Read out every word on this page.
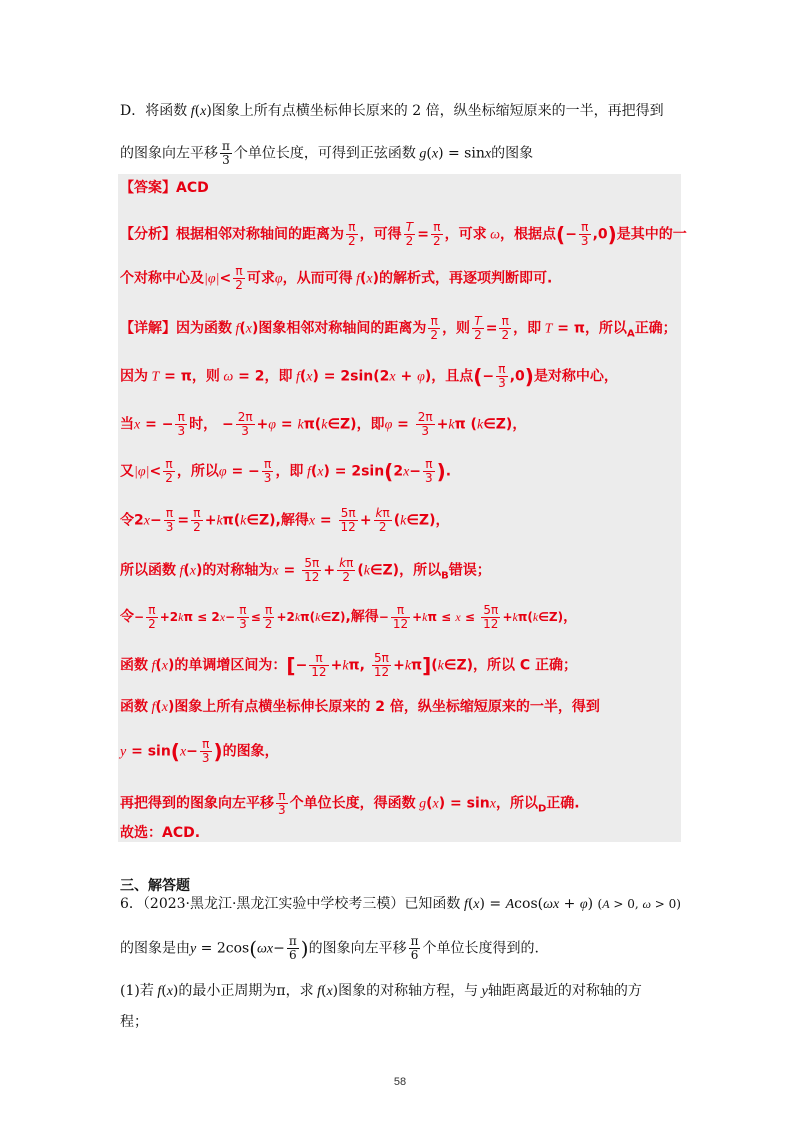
D．将函数 f(x)图象上所有点横坐标伸长原来的 2 倍，纵坐标缩短原来的一半，再把得到
的图象向左平移 $\frac{\pi}{3}$ 个单位长度，可得到正弦函数 g(x) = sinx的图象
【答案】ACD
【分析】根据相邻对称轴间的距离为 $\frac{\pi}{2}$ ，可得 $\frac{T}{2} = \frac{\pi}{2}$ ，可求 ω，根据点(− $\frac{\pi}{3} ,0$)是其中的一
个对称中心及$|\varphi|< \frac{\pi}{2}$ 可求φ，从而可得 f(x)的解析式，再逐项判断即可.
【详解】因为函数 f(x)图象相邻对称轴间的距离为 $\frac{\pi}{2}$ ，则 $\frac{T}{2} = \frac{\pi}{2}$ ，即 T = π，所以$_A$正确；
因为 T = π，则 ω = 2，即 f(x) = 2sin(2x + φ)，且点(− $\frac{\pi}{3} ,0$)是对称中心，
当x = − $\frac{\pi}{3}$ 时， − $\frac{2\pi}{3} +\varphi$ = kπ(k∈Z)，即$\varphi = \frac{2\pi}{3} +k\pi$ (k∈Z)，
又$|\varphi|< \frac{\pi}{2}$ ，所以φ = − $\frac{\pi}{3}$ ，即 $f(x) = 2\sin(2x- \frac{\pi}{3}$ ).
令$2x- \frac{\pi}{3} = \frac{\pi}{2}$ +kπ(k∈Z),解得$x = \frac{5\pi}{12} + \frac{k\pi}{2}$ (k∈Z)，
所以函数 f(x)的对称轴为$x = \frac{5\pi}{12} + \frac{k\pi}{2}$ (k∈Z)，所以$_B$错误；
令− $\frac{\pi}{2} +2k\pi \le 2x- \frac{\pi}{3} \le \frac{\pi}{2}$ +2kπ(k∈Z),解得− $\frac{\pi}{12} +k\pi \le x \le \frac{5\pi}{12}$ +kπ(k∈Z)，
函数 f(x)的单调增区间为：[− $\frac{\pi}{12} +k\pi$, $\frac{5\pi}{12}$ +kπ](k∈Z)，所以 C 正确；
函数 f(x)图象上所有点横坐标伸长原来的 2 倍，纵坐标缩短原来的一半，得到
$y = \sin(x- \frac{\pi}{3}$ )的图象，
再把得到的图象向左平移 $\frac{\pi}{3}$ 个单位长度，得函数 g(x) = sinx，所以$_D$正确.
故选：ACD.
三、解答题
6．（2023·黑龙江·黑龙江实验中学校考三模）已知函数 f(x) = Acos(ωx + φ) (A > 0, ω > 0)
的图象是由$y = 2\cos(\omega x- \frac{\pi}{6}$ )的图象向左平移 $\frac{\pi}{6}$ 个单位长度得到的.
(1)若 f(x)的最小正周期为π，求 f(x)图象的对称轴方程，与 y轴距离最近的对称轴的方
程；
58
